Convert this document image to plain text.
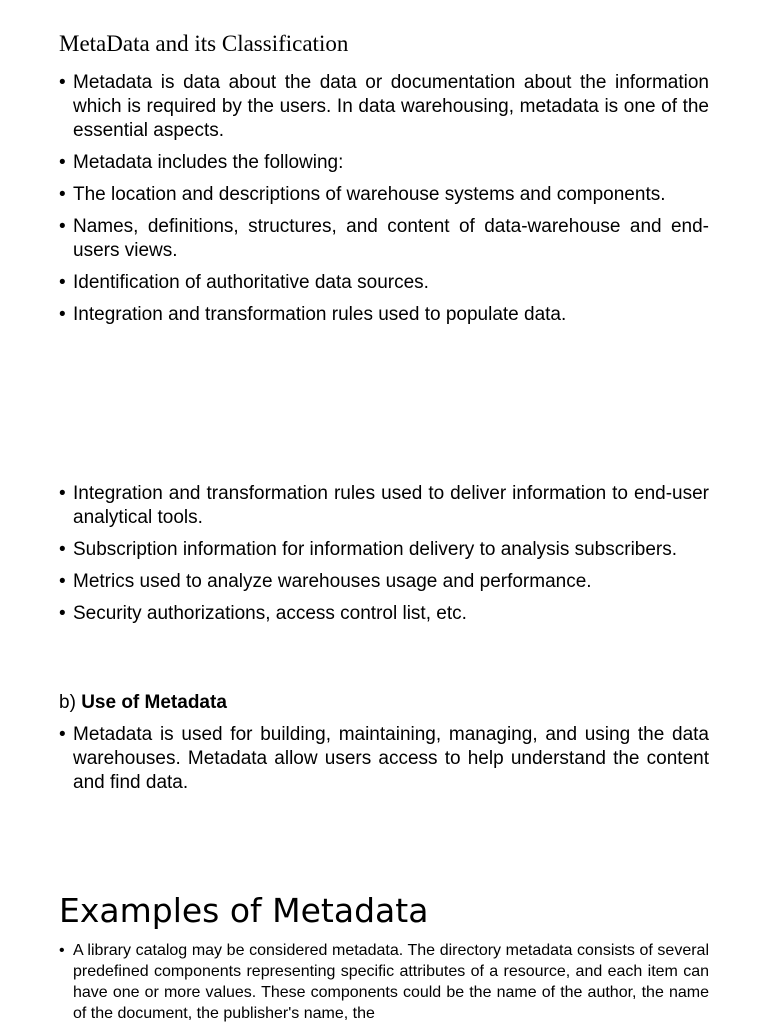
MetaData and its Classification
• Metadata is data about the data or documentation about the information which is required by the users. In data warehousing, metadata is one of the essential aspects.
• Metadata includes the following:
• The location and descriptions of warehouse systems and components.
• Names, definitions, structures, and content of data-warehouse and end-users views.
• Identification of authoritative data sources.
• Integration and transformation rules used to populate data.
• Integration and transformation rules used to deliver information to end-user analytical tools.
• Subscription information for information delivery to analysis subscribers.
• Metrics used to analyze warehouses usage and performance.
• Security authorizations, access control list, etc.
b) Use of Metadata
• Metadata is used for building, maintaining, managing, and using the data warehouses. Metadata allow users access to help understand the content and find data.
Examples of Metadata
• A library catalog may be considered metadata. The directory metadata consists of several predefined components representing specific attributes of a resource, and each item can have one or more values. These components could be the name of the author, the name of the document, the publisher's name, the
